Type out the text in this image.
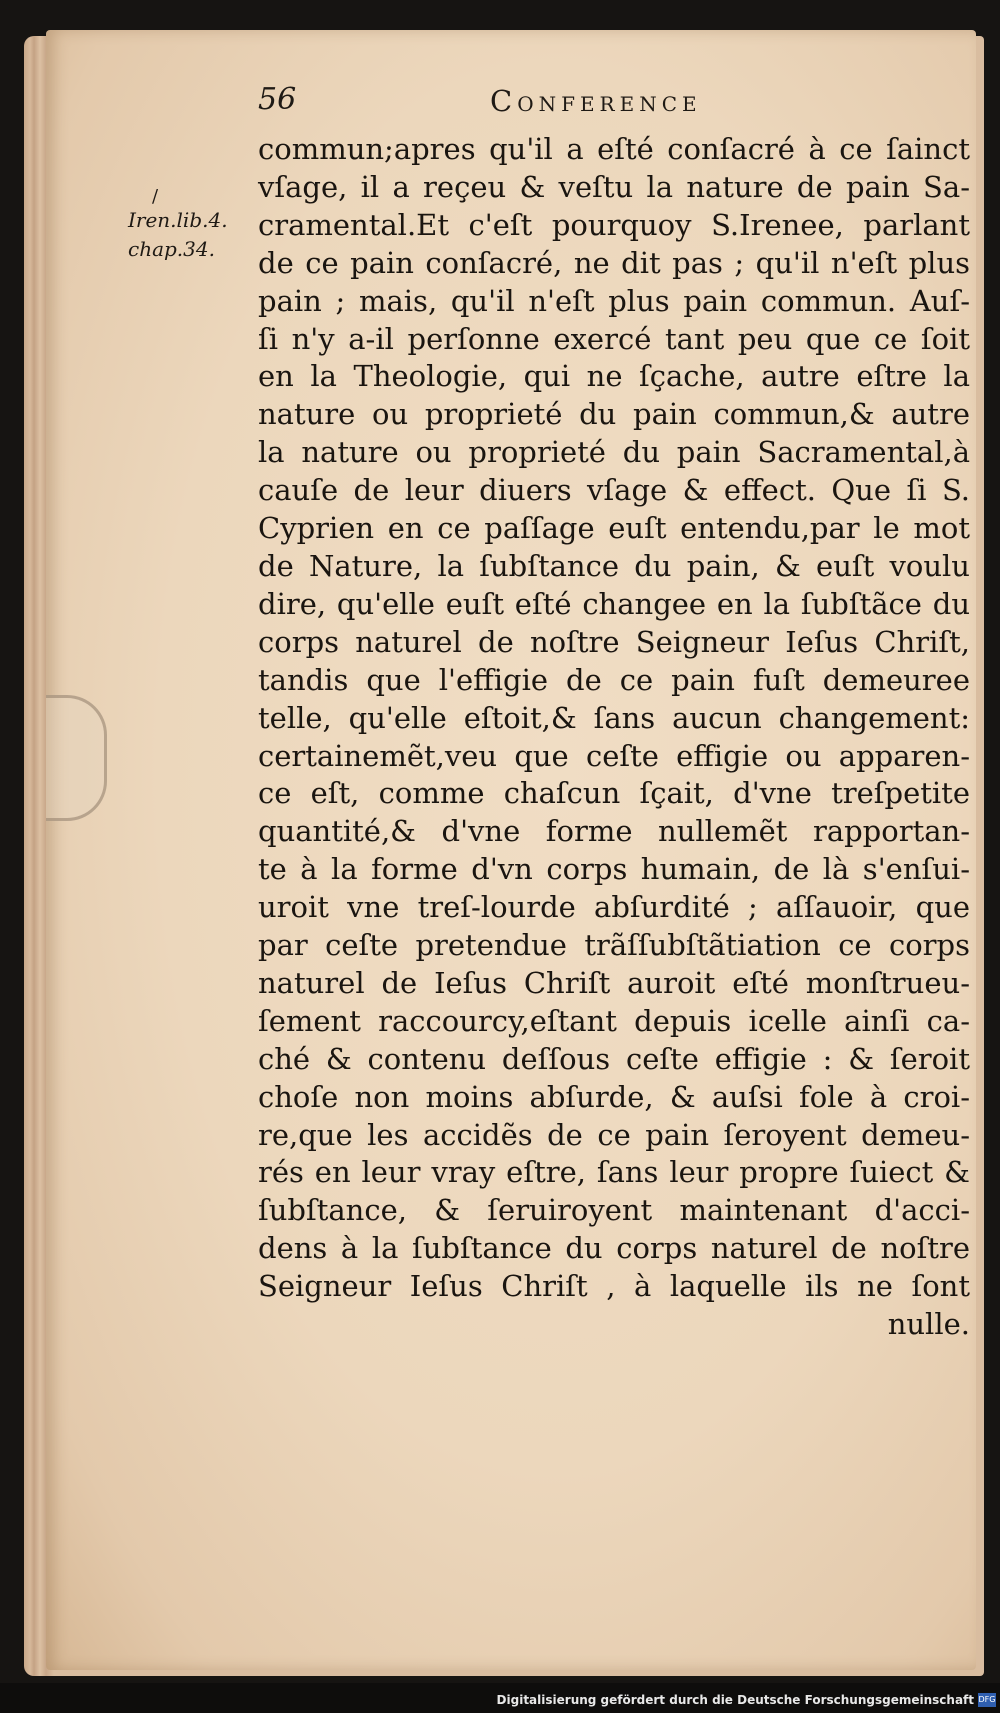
56	Conference
/
Iren.lib.4.
chap.34.
commun;apres qu'il a eſté conſacré à ce ſainct
vſage, il a reçeu & veſtu la nature de pain Sa-
cramental.Et c'eſt pourquoy S.Irenee, parlant
de ce pain conſacré, ne dit pas ; qu'il n'eſt plus
pain ; mais, qu'il n'eſt plus pain commun. Auſ-
ſi n'y a-il perſonne exercé tant peu que ce ſoit
en la Theologie, qui ne ſçache, autre eſtre la
nature ou proprieté du pain commun,& autre
la nature ou proprieté du pain Sacramental,à
cauſe de leur diuers vſage & effect. Que ſi S.
Cyprien en ce paſſage euſt entendu,par le mot
de Nature, la ſubſtance du pain, & euſt voulu
dire, qu'elle euſt eſté changee en la ſubſtãce du
corps naturel de noſtre Seigneur Ieſus Chriſt,
tandis que l'effigie de ce pain fuſt demeuree
telle, qu'elle eſtoit,& ſans aucun changement:
certainemẽt,veu que ceſte effigie ou apparen-
ce eſt, comme chaſcun ſçait, d'vne treſpetite
quantité,& d'vne forme nullemẽt rapportan-
te à la forme d'vn corps humain, de là s'enſui-
uroit vne treſ-lourde abſurdité ; aſſauoir, que
par ceſte pretendue trãſſubſtãtiation ce corps
naturel de Ieſus Chriſt auroit eſté monſtrueu-
ſement raccourcy,eſtant depuis icelle ainſi ca-
ché & contenu deſſous ceſte effigie : & ſeroit
choſe non moins abſurde, & auſsi fole à croi-
re,que les accidẽs de ce pain ſeroyent demeu-
rés en leur vray eſtre, ſans leur propre ſuiect &
ſubſtance, & ſeruiroyent maintenant d'acci-
dens à la ſubſtance du corps naturel de noſtre
Seigneur Ieſus Chriſt , à laquelle ils ne ſont
nulle.
Digitalisierung gefördert durch die Deutsche Forschungsgemeinschaft DFG
